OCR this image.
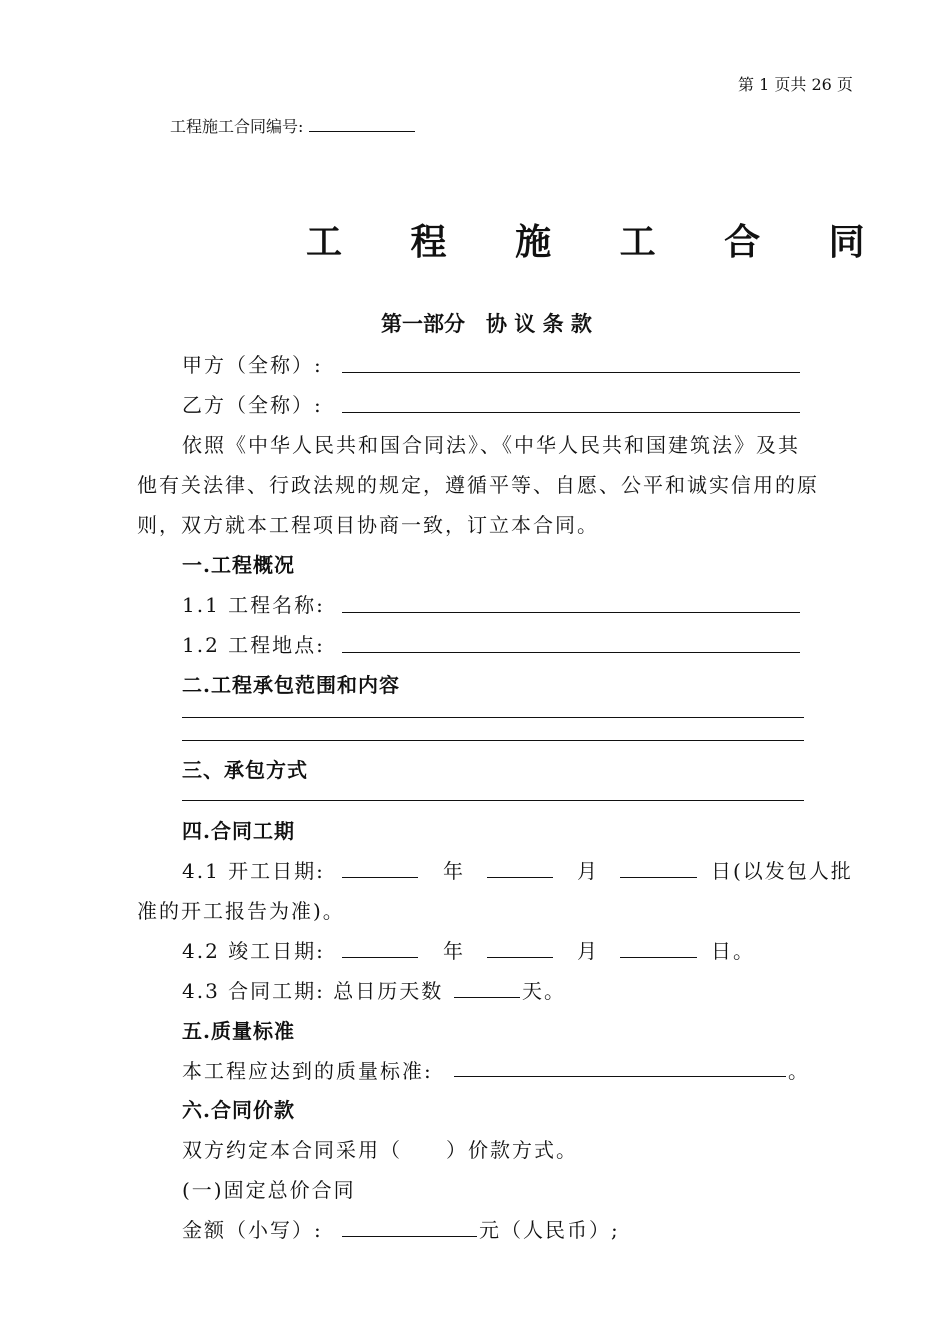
第 1 页共 26 页
工程施工合同编号:
工 程 施 工 合 同
第一部分　协 议 条 款
甲方（全称）:
乙方（全称）:
依照《中华人民共和国合同法》、《中华人民共和国建筑法》及其
他有关法律、行政法规的规定，遵循平等、自愿、公平和诚实信用的原
则，双方就本工程项目协商一致，订立本合同。
一.工程概况
1.1 工程名称:
1.2 工程地点:
二.工程承包范围和内容
三、承包方式
四.合同工期
4.1 开工日期:	年	月	日(以发包人批
准的开工报告为准)。
4.2 竣工日期:	年	月	日。
4.3 合同工期: 总日历天数	天。
五.质量标准
本工程应达到的质量标准:	。
六.合同价款
双方约定本合同采用（　　）价款方式。
(一)固定总价合同
金额（小写）:	元（人民币）;
